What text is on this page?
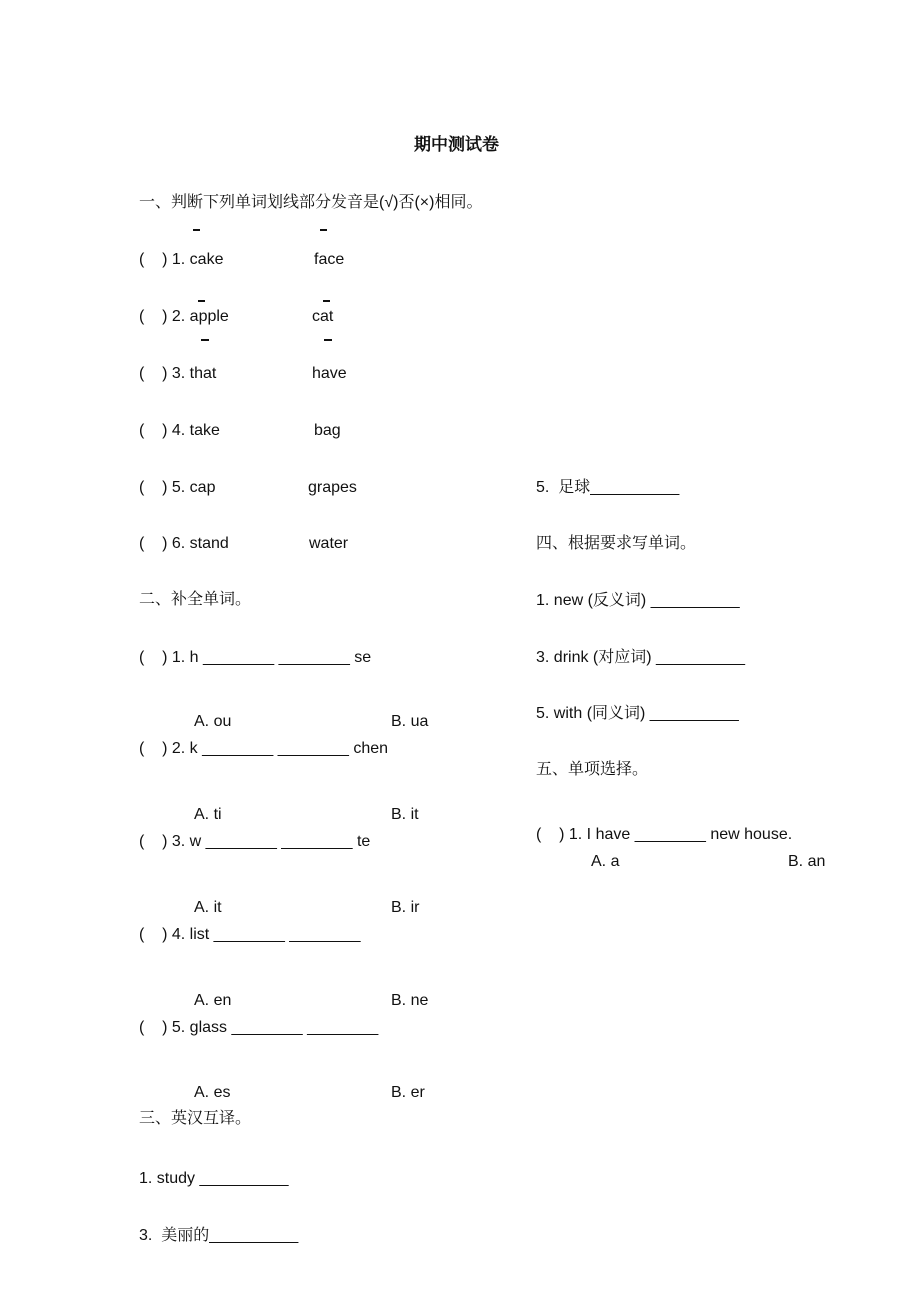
期中测试卷
一、判断下列单词划线部分发音是(√)否(×)相同。
(    ) 1. cake	face
(    ) 2. apple	cat
(    ) 3. that	have
(    ) 4. take	bag
(    ) 5. cap	grapes
(    ) 6. stand	water
二、补全单词。
(    ) 1. h ________ ________ se
A. ou	B. ua
(    ) 2. k ________ ________ chen
A. ti	B. it
(    ) 3. w ________ ________ te
A. it	B. ir
(    ) 4. list ________ ________
A. en	B. ne
(    ) 5. glass ________ ________
A. es	B. er
三、英汉互译。
1. study __________
3.  美丽的__________
5.  足球__________
四、根据要求写单词。
1. new (反义词) __________
3. drink (对应词) __________
5. with (同义词) __________
五、单项选择。
(    ) 1. I have ________ new house.
A. a	B. an
